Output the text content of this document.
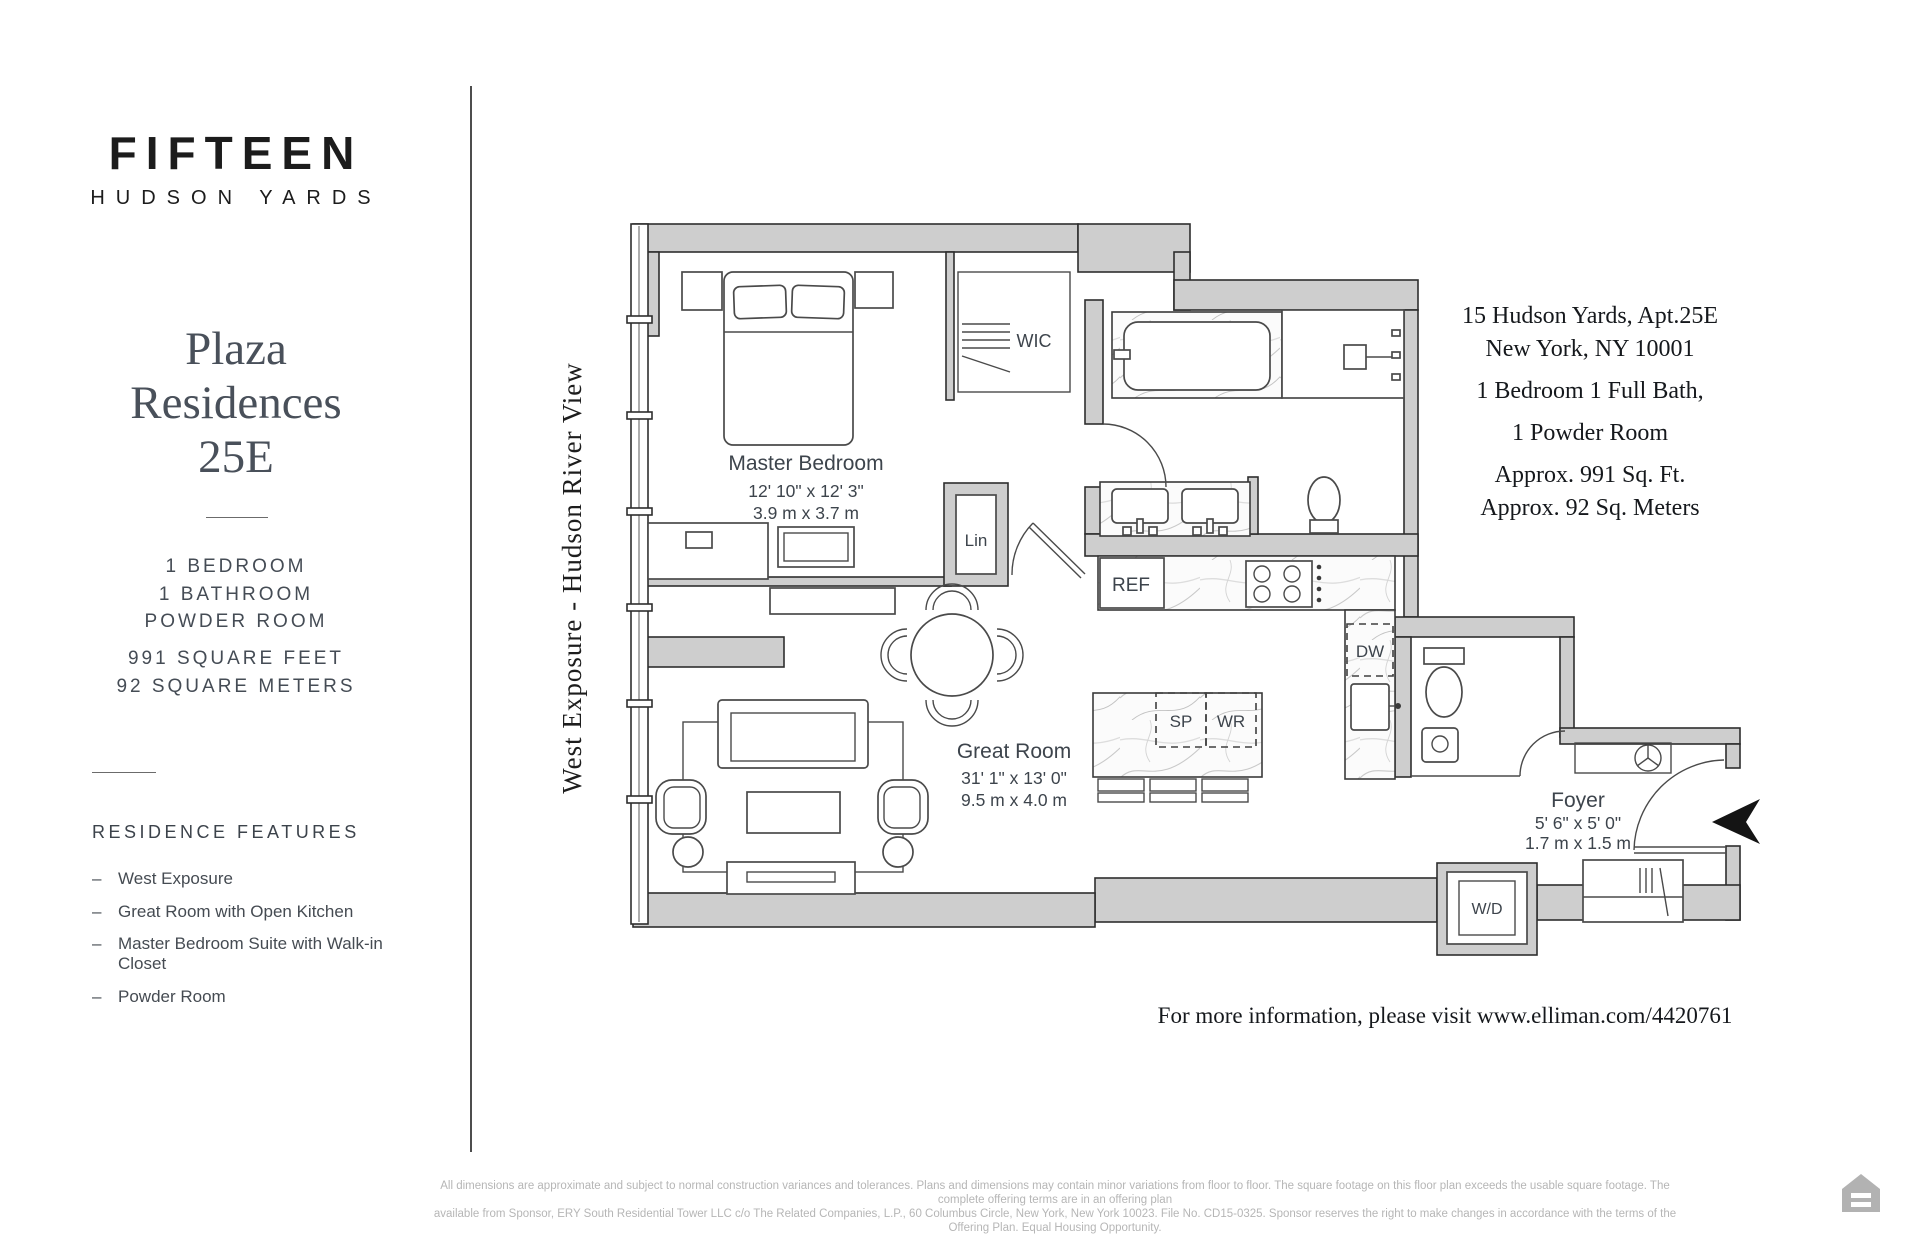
FIFTEEN
HUDSON YARDS
Plaza
Residences
25E
1 BEDROOM
1 BATHROOM
POWDER ROOM
991 SQUARE FEET
92 SQUARE METERS
RESIDENCE FEATURES
– West Exposure
– Great Room with Open Kitchen
– Master Bedroom Suite with Walk-in Closet
– Powder Room
Master Bedroom
12' 10" x 12' 3"
3.9 m x 3.7 m
Great Room
31' 1" x 13' 0"
9.5 m x 4.0 m	Foyer
5' 6" x 5' 0"
1.7 m x 1.5 m
WIC
Lin
REF
DW
SP WR
W/D
West Exposure - Hudson River View

15 Hudson Yards, Apt.25E

New York, NY 10001

1 Bedroom 1 Full Bath,

1 Powder Room

Approx. 991 Sq. Ft.

Approx. 92 Sq. Meters

For more information, please visit www.elliman.com/4420761
All dimensions are approximate and subject to normal construction variances and tolerances. Plans and dimensions may contain minor variations from floor to floor. The square footage on this floor plan exceeds the usable square footage. The complete offering terms are in an offering plan
available from Sponsor, ERY South Residential Tower LLC c/o The Related Companies, L.P., 60 Columbus Circle, New York, New York 10023. File No. CD15-0325. Sponsor reserves the right to make changes in accordance with the terms of the Offering Plan. Equal Housing Opportunity.
